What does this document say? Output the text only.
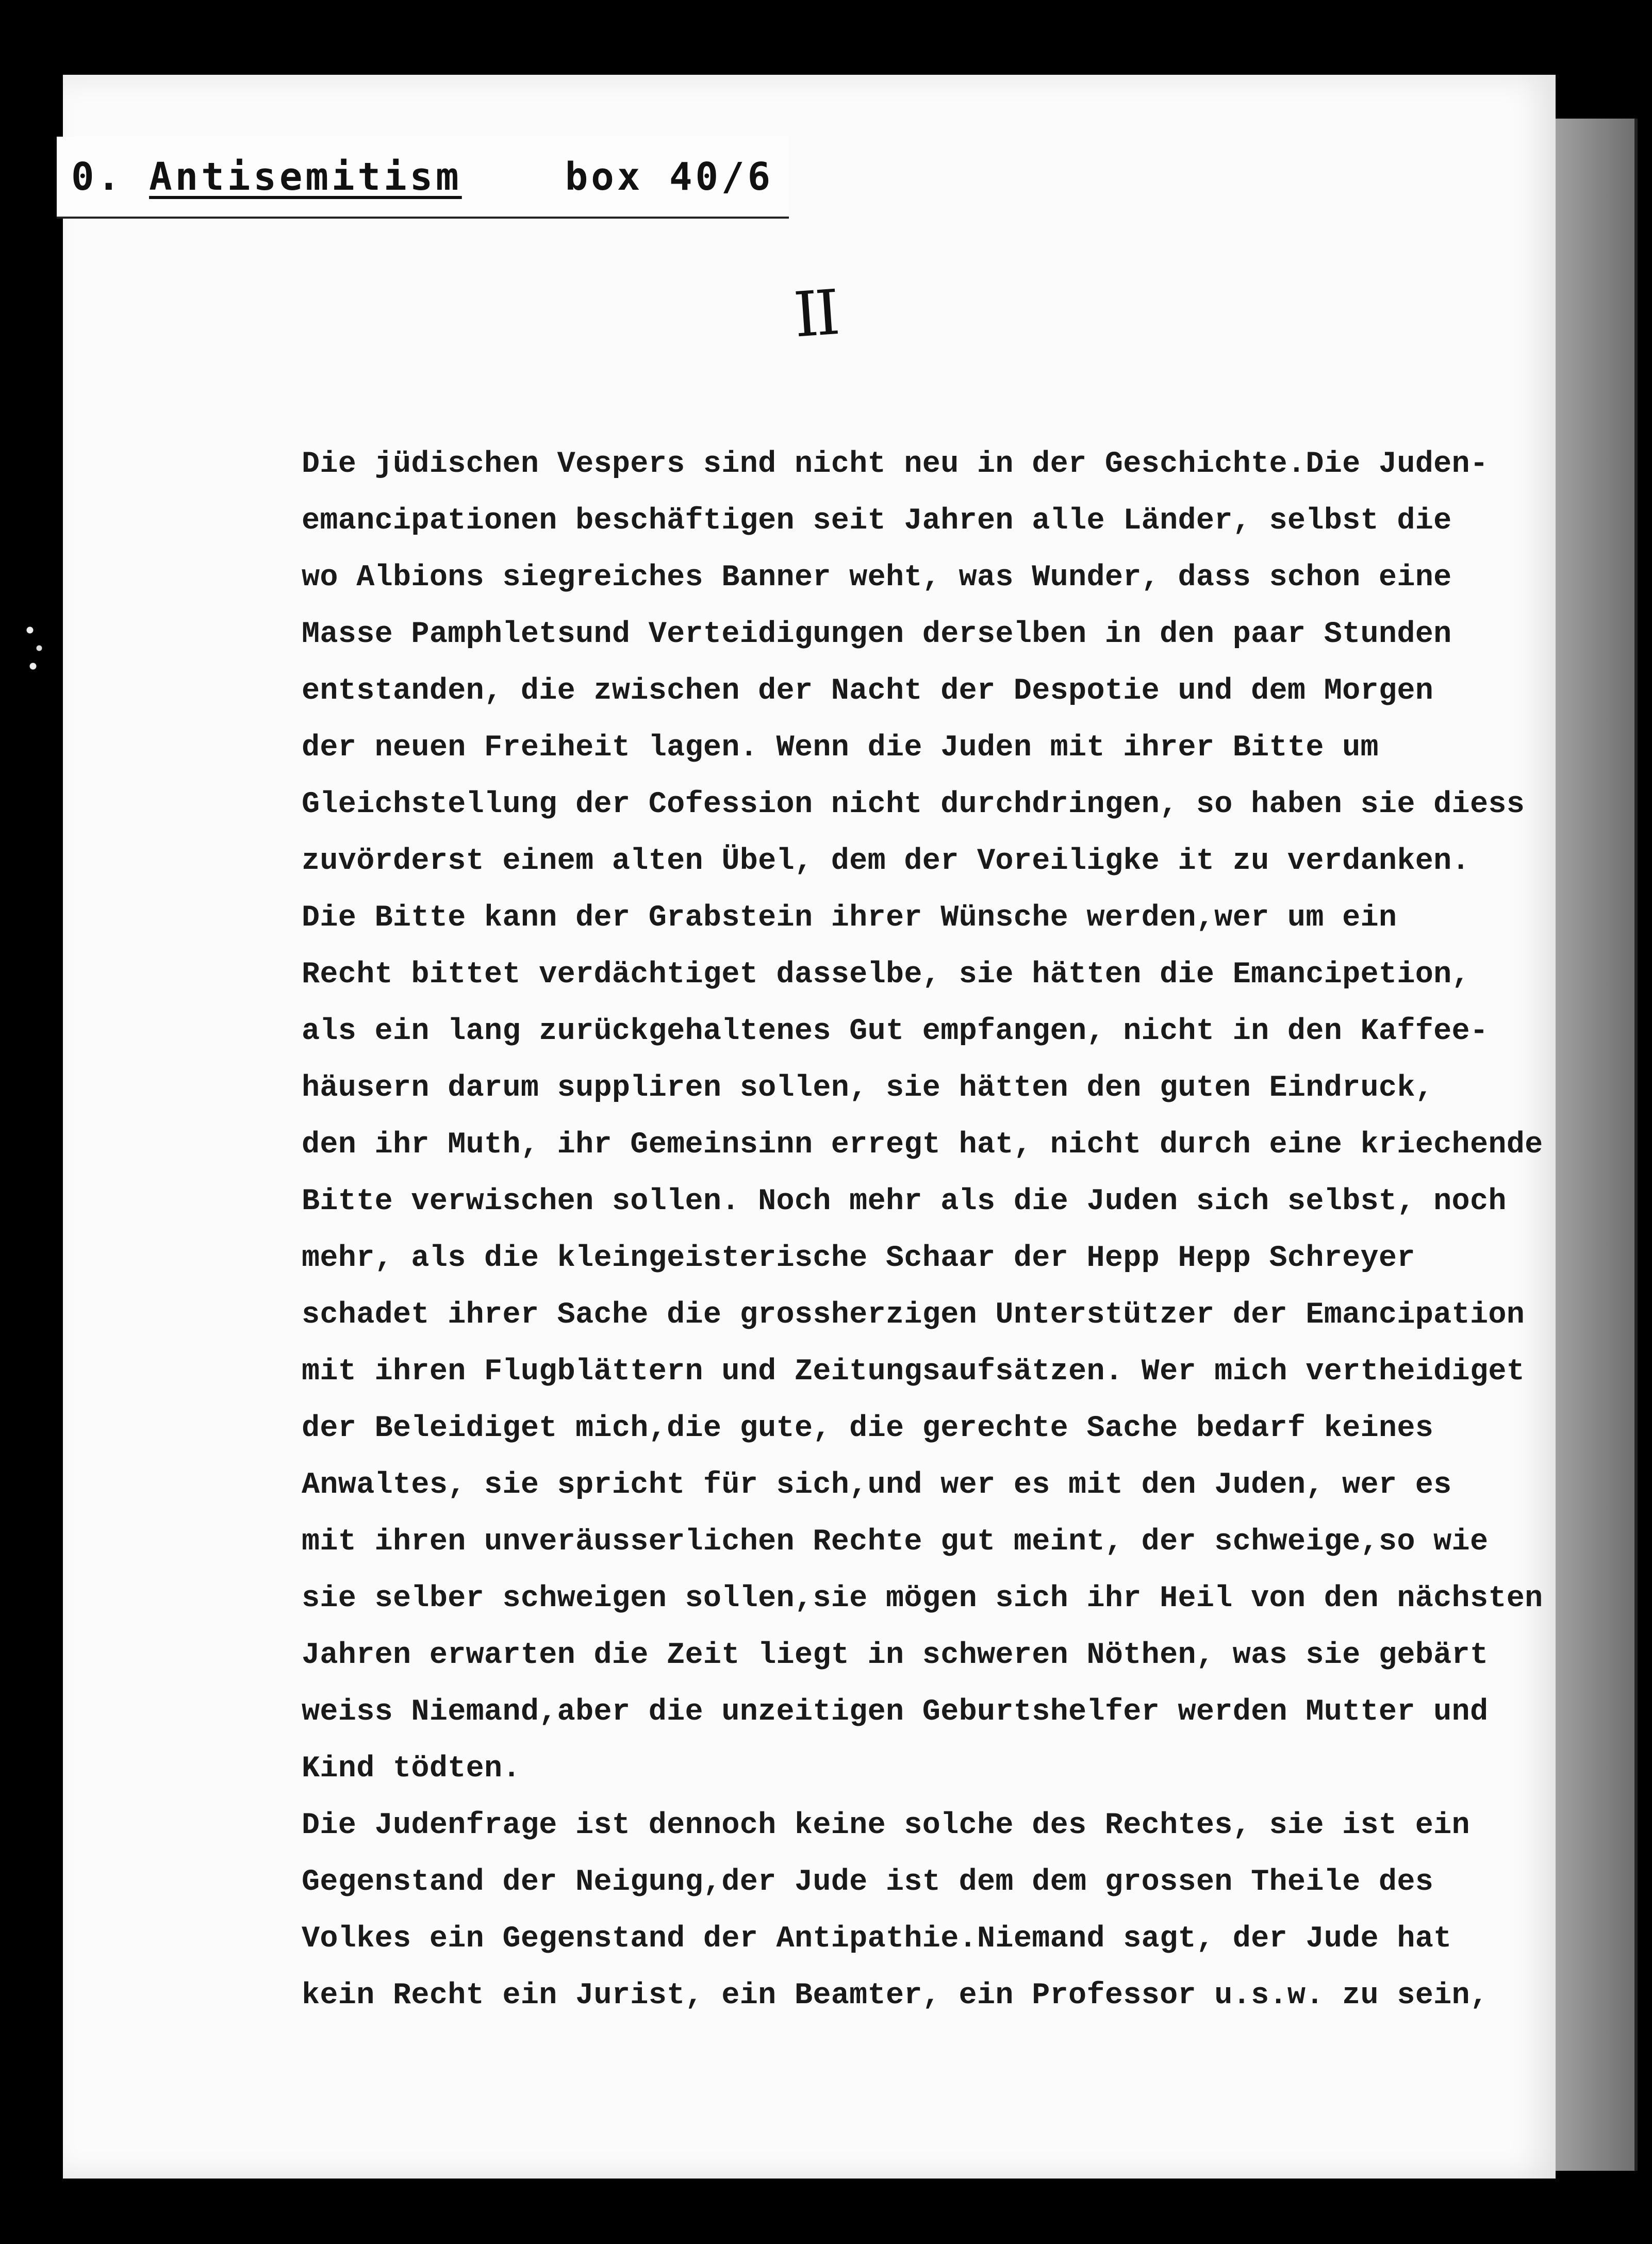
0. Antisemitism	box 40/6
II
Die jüdischen Vespers sind nicht neu in der Geschichte.Die Juden-
emancipationen beschäftigen seit Jahren alle Länder, selbst die
wo Albions siegreiches Banner weht, was Wunder, dass schon eine
Masse Pamphletsund Verteidigungen derselben in den paar Stunden
entstanden, die zwischen der Nacht der Despotie und dem Morgen
der neuen Freiheit lagen. Wenn die Juden mit ihrer Bitte um
Gleichstellung der Cofession nicht durchdringen, so haben sie diess
zuvörderst einem alten Übel, dem der Voreiligke it zu verdanken.
Die Bitte kann der Grabstein ihrer Wünsche werden,wer um ein
Recht bittet verdächtiget dasselbe, sie hätten die Emancipetion,
als ein lang zurückgehaltenes Gut empfangen, nicht in den Kaffee-
häusern darum suppliren sollen, sie hätten den guten Eindruck,
den ihr Muth, ihr Gemeinsinn erregt hat, nicht durch eine kriechende
Bitte verwischen sollen. Noch mehr als die Juden sich selbst, noch
mehr, als die kleingeisterische Schaar der Hepp Hepp Schreyer
schadet ihrer Sache die grossherzigen Unterstützer der Emancipation
mit ihren Flugblättern und Zeitungsaufsätzen. Wer mich vertheidiget
der Beleidiget mich,die gute, die gerechte Sache bedarf keines
Anwaltes, sie spricht für sich,und wer es mit den Juden, wer es
mit ihren unveräusserlichen Rechte gut meint, der schweige,so wie
sie selber schweigen sollen,sie mögen sich ihr Heil von den nächsten
Jahren erwarten die Zeit liegt in schweren Nöthen, was sie gebärt
weiss Niemand,aber die unzeitigen Geburtshelfer werden Mutter und
Kind tödten.
Die Judenfrage ist dennoch keine solche des Rechtes, sie ist ein
Gegenstand der Neigung,der Jude ist dem dem grossen Theile des
Volkes ein Gegenstand der Antipathie.Niemand sagt, der Jude hat
kein Recht ein Jurist, ein Beamter, ein Professor u.s.w. zu sein,
